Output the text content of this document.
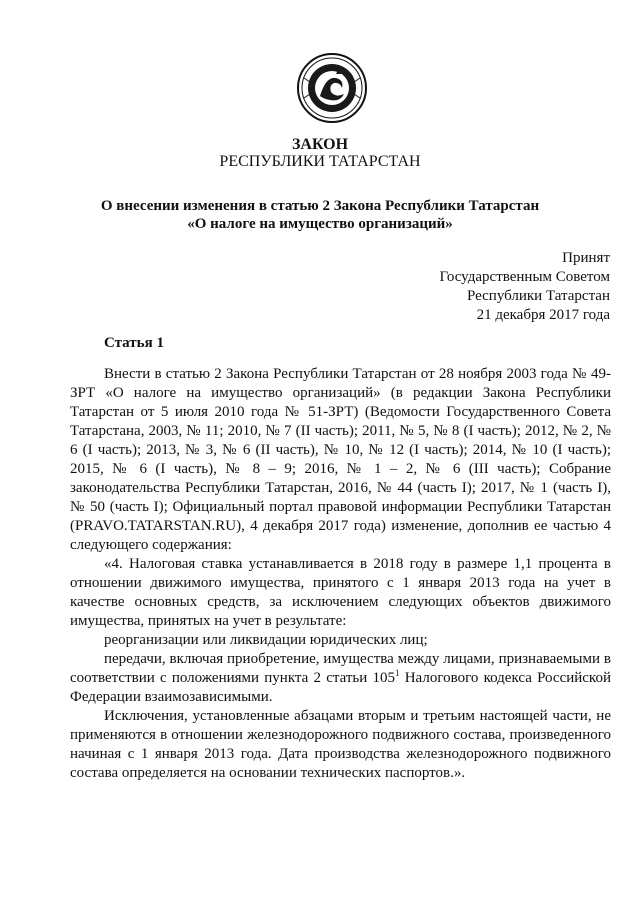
ЗАКОН
РЕСПУБЛИКИ ТАТАРСТАН
О внесении изменения в статью 2 Закона Республики Татарстан
«О налоге на имущество организаций»
Принят
Государственным Советом
Республики Татарстан
21 декабря 2017 года
Статья 1

Внести в статью 2 Закона Республики Татарстан от 28 ноября 2003 года № 49-ЗРТ «О налоге на имущество организаций» (в редакции Закона Республики Татарстан от 5 июля 2010 года № 51-ЗРТ) (Ведомости Государственного Совета Татарстана, 2003, № 11; 2010, № 7 (II часть); 2011, № 5, № 8 (I часть); 2012, № 2, № 6 (I часть); 2013, № 3, № 6 (II часть), № 10, № 12 (I часть); 2014, № 10 (I часть); 2015, № 6 (I часть), № 8 – 9; 2016, № 1 – 2, № 6 (III часть); Собрание законодательства Республики Татарстан, 2016, № 44 (часть I); 2017, № 1 (часть I), № 50 (часть I); Официальный портал правовой информации Республики Татарстан (PRAVO.TATARSTAN.RU), 4 декабря 2017 года) изменение, дополнив ее частью 4 следующего содержания:

«4. Налоговая ставка устанавливается в 2018 году в размере 1,1 процента в отношении движимого имущества, принятого с 1 января 2013 года на учет в качестве основных средств, за исключением следующих объектов движимого имущества, принятых на учет в результате:

реорганизации или ликвидации юридических лиц;

передачи, включая приобретение, имущества между лицами, признаваемыми в соответствии с положениями пункта 2 статьи $105^1$ Налогового кодекса Российской Федерации взаимозависимыми.

Исключения, установленные абзацами вторым и третьим настоящей части, не применяются в отношении железнодорожного подвижного состава, произведенного начиная с 1 января 2013 года. Дата производства железнодорожного подвижного состава определяется на основании технических паспортов.».
